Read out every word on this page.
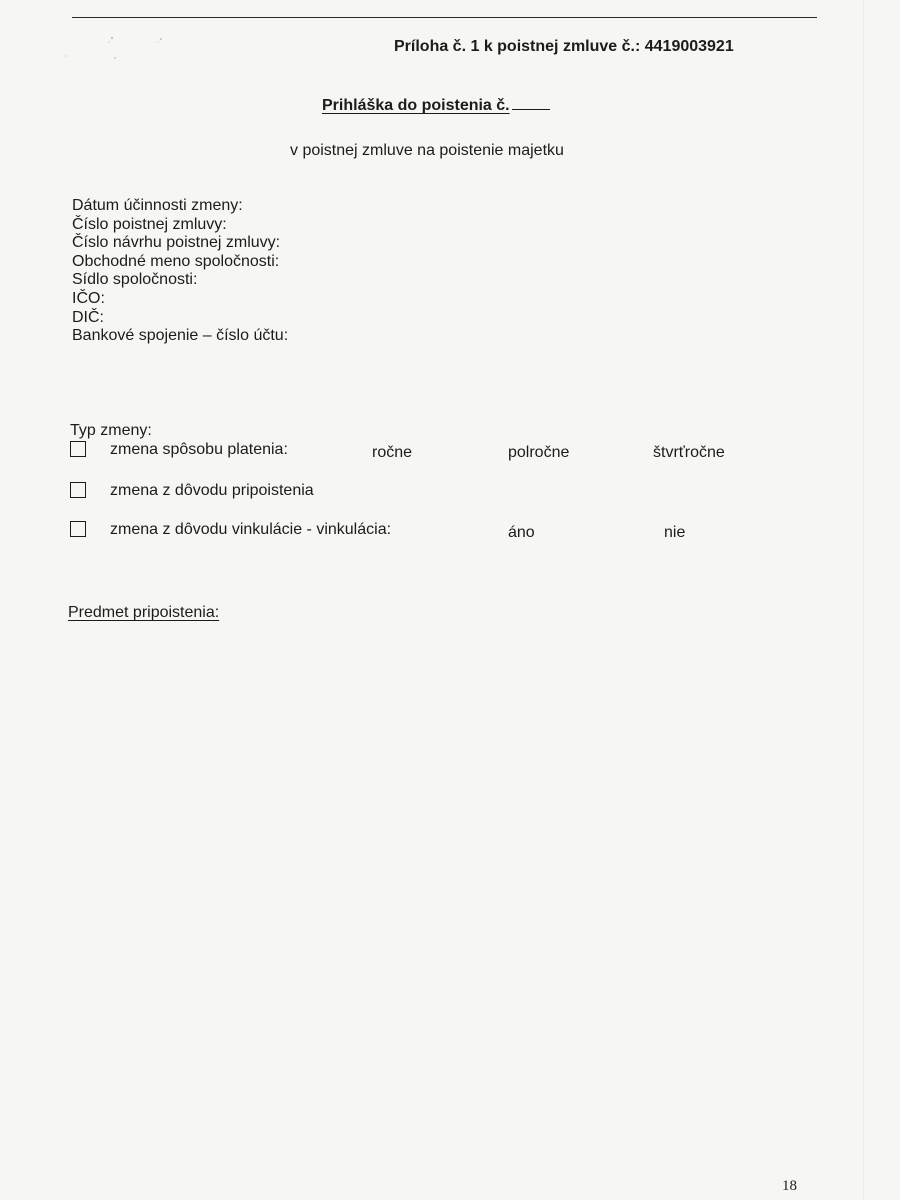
Príloha č. 1 k poistnej zmluve č.: 4419003921
Prihláška do poistenia č.
v poistnej zmluve na poistenie majetku
Dátum účinnosti zmeny:
Číslo poistnej zmluvy:
Číslo návrhu poistnej zmluvy:
Obchodné meno spoločnosti:
Sídlo spoločnosti:
IČO:
DIČ:
Bankové spojenie – číslo účtu:
Typ zmeny:
zmena spôsobu platenia:	ročne	polročne	štvrťročne
zmena z dôvodu pripoistenia
zmena z dôvodu vinkulácie - vinkulácia:	áno	nie
Predmet pripoistenia:
18
